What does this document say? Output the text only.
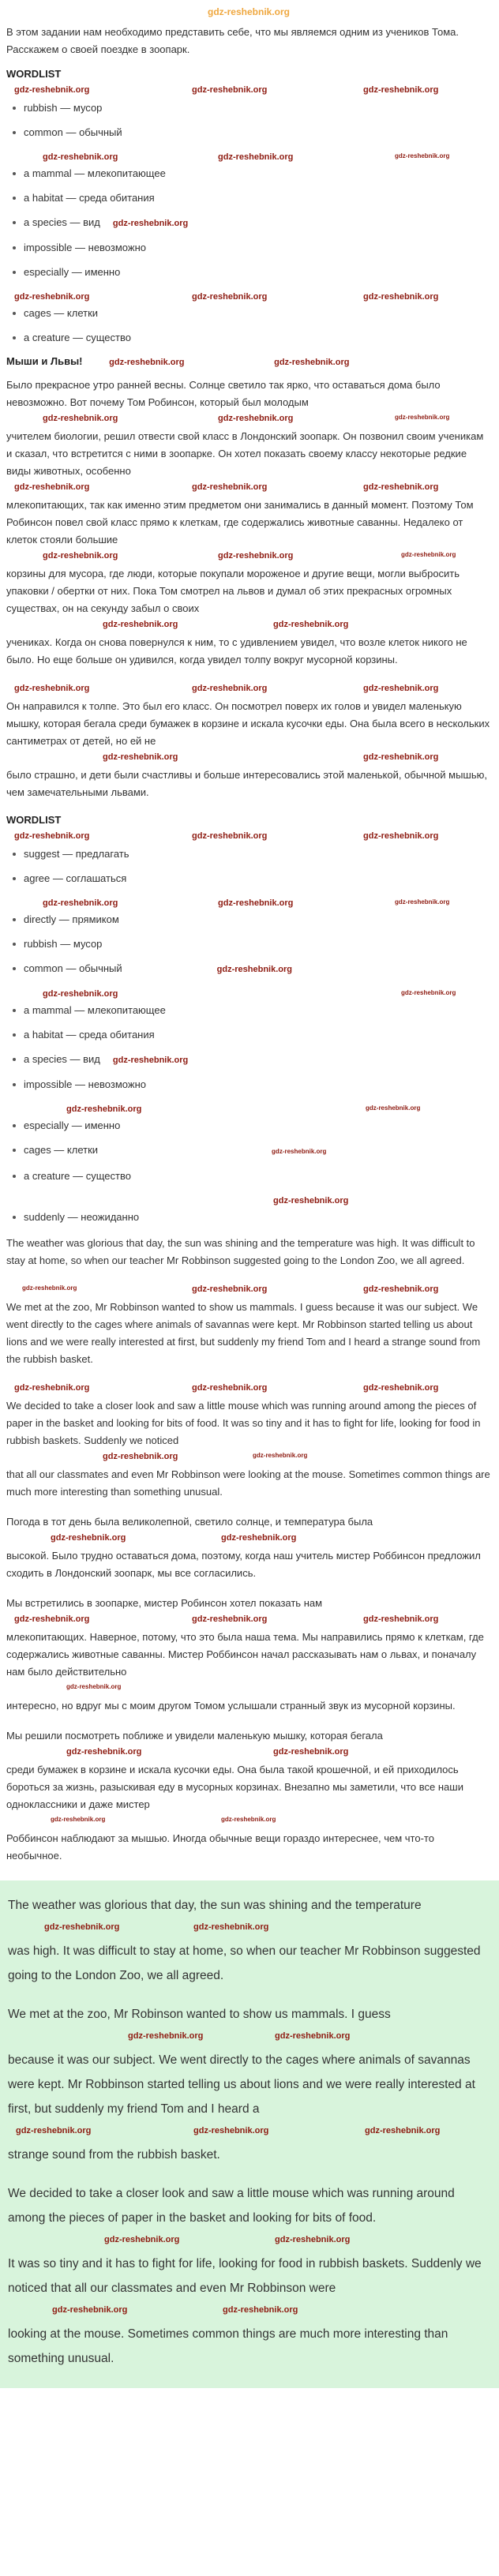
gdz-reshebnik.org

В этом задании нам необходимо представить себе, что мы являемся одним из учеников Тома. Расскажем о своей поездке в зоопарк.

WORDLIST
gdz-reshebnik.org	gdz-reshebnik.org	gdz-reshebnik.org
rubbish — мусор
common — обычный
gdz-reshebnik.org	gdz-reshebnik.org	gdz-reshebnik.org
a mammal — млекопитающее
a habitat — среда обитания
a species — вид gdz-reshebnik.org
impossible — невозможно
especially — именно
gdz-reshebnik.org	gdz-reshebnik.org	gdz-reshebnik.org
cages — клетки
a creature — существо
Мыши и Львы!	gdz-reshebnik.org	gdz-reshebnik.org
Было прекрасное утро ранней весны. Солнце светило так ярко, что оставаться дома было невозможно. Вот почему Том Робинсон, который был молодым
gdz-reshebnik.org	gdz-reshebnik.org	gdz-reshebnik.org
учителем биологии, решил отвести свой класс в Лондонский зоопарк. Он позвонил своим ученикам и сказал, что встретится с ними в зоопарке. Он хотел показать своему классу некоторые редкие виды животных, особенно
gdz-reshebnik.org	gdz-reshebnik.org	gdz-reshebnik.org
млекопитающих, так как именно этим предметом они занимались в данный момент. Поэтому Том Робинсон повел свой класс прямо к клеткам, где содержались животные саванны. Недалеко от клеток стояли большие
gdz-reshebnik.org	gdz-reshebnik.org	gdz-reshebnik.org
корзины для мусора, где люди, которые покупали мороженое и другие вещи, могли выбросить упаковки / обертки от них. Пока Том смотрел на львов и думал об этих прекрасных огромных существах, он на секунду забыл о своих
gdz-reshebnik.org	gdz-reshebnik.org
учениках. Когда он снова повернулся к ним, то с удивлением увидел, что возле клеток никого не было. Но еще больше он удивился, когда увидел толпу вокруг мусорной корзины.
gdz-reshebnik.org	gdz-reshebnik.org	gdz-reshebnik.org
Он направился к толпе. Это был его класс. Он посмотрел поверх их голов и увидел маленькую мышку, которая бегала среди бумажек в корзине и искала кусочки еды. Она была всего в нескольких сантиметрах от детей, но ей не
gdz-reshebnik.org	gdz-reshebnik.org
было страшно, и дети были счастливы и больше интересовались этой маленькой, обычной мышью, чем замечательными львами.
WORDLIST
gdz-reshebnik.org	gdz-reshebnik.org	gdz-reshebnik.org
suggest — предлагать
agree — соглашаться
gdz-reshebnik.org	gdz-reshebnik.org	gdz-reshebnik.org
directly — прямиком
rubbish — мусор
common — обычный	gdz-reshebnik.org
gdz-reshebnik.org	gdz-reshebnik.org
a mammal — млекопитающее
a habitat — среда обитания
a species — вид gdz-reshebnik.org
impossible — невозможно
gdz-reshebnik.org	gdz-reshebnik.org
especially — именно
cages — клетки	gdz-reshebnik.org
a creature — существо
gdz-reshebnik.org
suddenly — неожиданно
The weather was glorious that day, the sun was shining and the temperature was high. It was difficult to stay at home, so when our teacher Mr Robbinson suggested going to the London Zoo, we all agreed.
gdz-reshebnik.org	gdz-reshebnik.org	gdz-reshebnik.org
We met at the zoo, Mr Robbinson wanted to show us mammals. I guess because it was our subject. We went directly to the cages where animals of savannas were kept. Mr Robbinson started telling us about lions and we were really interested at first, but suddenly my friend Tom and I heard a strange sound from the rubbish basket.
gdz-reshebnik.org	gdz-reshebnik.org	gdz-reshebnik.org
We decided to take a closer look and saw a little mouse which was running around among the pieces of paper in the basket and looking for bits of food. It was so tiny and it has to fight for life, looking for food in rubbish baskets. Suddenly we noticed
gdz-reshebnik.org	gdz-reshebnik.org
that all our classmates and even Mr Robbinson were looking at the mouse. Sometimes common things are much more interesting than something unusual.
Погода в тот день была великолепной, светило солнце, и температура была
gdz-reshebnik.org	gdz-reshebnik.org
высокой. Было трудно оставаться дома, поэтому, когда наш учитель мистер Роббинсон предложил сходить в Лондонский зоопарк, мы все согласились.
Мы встретились в зоопарке, мистер Робинсон хотел показать нам
gdz-reshebnik.org	gdz-reshebnik.org	gdz-reshebnik.org
млекопитающих. Наверное, потому, что это была наша тема. Мы направились прямо к клеткам, где содержались животные саванны. Мистер Роббинсон начал рассказывать нам о львах, и поначалу нам было действительно
gdz-reshebnik.org
интересно, но вдруг мы с моим другом Томом услышали странный звук из мусорной корзины.
Мы решили посмотреть поближе и увидели маленькую мышку, которая бегала
gdz-reshebnik.org	gdz-reshebnik.org
среди бумажек в корзине и искала кусочки еды. Она была такой крошечной, и ей приходилось бороться за жизнь, разыскивая еду в мусорных корзинах. Внезапно мы заметили, что все наши одноклассники и даже мистер
gdz-reshebnik.org	gdz-reshebnik.org
Роббинсон наблюдают за мышью. Иногда обычные вещи гораздо интереснее, чем что-то необычное.
The weather was glorious that day, the sun was shining and the temperature
gdz-reshebnik.org	gdz-reshebnik.org
was high. It was difficult to stay at home, so when our teacher Mr Robbinson suggested going to the London Zoo, we all agreed.
We met at the zoo, Mr Robinson wanted to show us mammals. I guess
gdz-reshebnik.org	gdz-reshebnik.org
because it was our subject. We went directly to the cages where animals of savannas were kept. Mr Robbinson started telling us about lions and we were really interested at first, but suddenly my friend Tom and I heard a
gdz-reshebnik.org	gdz-reshebnik.org	gdz-reshebnik.org
strange sound from the rubbish basket.
We decided to take a closer look and saw a little mouse which was running around among the pieces of paper in the basket and looking for bits of food.
gdz-reshebnik.org	gdz-reshebnik.org
It was so tiny and it has to fight for life, looking for food in rubbish baskets. Suddenly we noticed that all our classmates and even Mr Robbinson were
gdz-reshebnik.org	gdz-reshebnik.org
looking at the mouse. Sometimes common things are much more interesting than something unusual.
